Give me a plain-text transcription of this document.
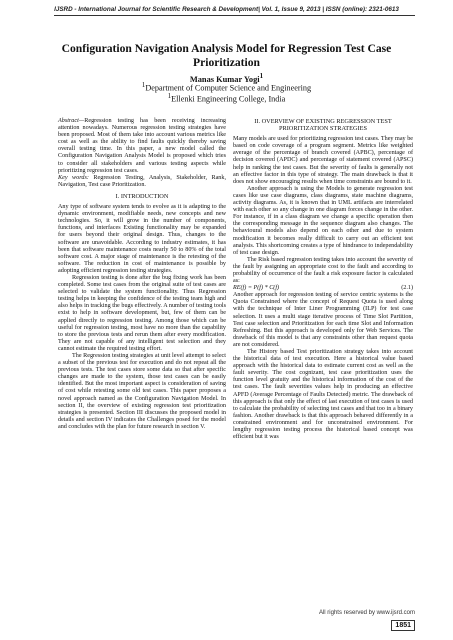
IJSRD - International Journal for Scientific Research & Development| Vol. 1, Issue 9, 2013 | ISSN (online): 2321-0613
Configuration Navigation Analysis Model for Regression Test Case Prioritization
Manas Kumar Yogi$^1$
$^1$Department of Computer Science and Engineering
$^1$Ellenki Engineering College, India

Abstract—Regression testing has been receiving increasing attention nowadays. Numerous regression testing strategies have been proposed. Most of them take into account various metrics like cost as well as the ability to find faults quickly thereby saving overall testing time. In this paper, a new model called the Configuration Navigation Analysis Model is proposed which tries to consider all stakeholders and various testing aspects while prioritizing regression test cases.

Key words: Regression Testing, Analysis, Stakeholder, Rank, Navigation, Test case Prioritization.

I. INTRODUCTION

Any type of software system tends to evolve as it is adapting to the dynamic environment, modifiable needs, new concepts and new technologies. So, it will grow in the number of components, functions, and interfaces Existing functionality may be expanded for users beyond their original design. Thus, changes to the software are unavoidable. According to industry estimates, it has been that software maintenance costs nearly 50 to 80% of the total software cost. A major stage of maintenance is the retesting of the software. The reduction in cost of maintenance is possible by adopting efficient regression testing strategies.

Regression testing is done after the bug fixing work has been completed. Some test cases from the original suite of test cases are selected to validate the system functionality. Thus Regression testing helps in keeping the confidence of the testing team high and also helps in tracking the bugs effectively. A number of testing tools exist to help in software development, but, few of them can be applied directly to regression testing. Among those which can be useful for regression testing, most have no more than the capability to store the previous tests and rerun them after every modification. They are not capable of any intelligent test selection and they cannot estimate the required testing effort.

The Regression testing strategies at unit level attempt to select a subset of the previous test for execution and do not repeat all the previous tests. The test cases store some data so that after specific changes are made to the system, those test cases can be easily identified. But the most important aspect is consideration of saving of cost while retesting some old test cases. This paper proposes a novel approach named as the Configuration Navigation Model. In section II, the overview of existing regression test prioritization strategies is presented. Section III discusses the proposed model in details and section IV indicates the Challenges posed for the model and concludes with the plan for future research in section V.

II. OVERVIEW OF EXISTING REGRESSION TEST PRIORITIZATION STRATEGIES

Many models are used for prioritizing regression test cases. They may be based on code coverage of a program segment. Metrics like weighted average of the percentage of branch covered (APBC), percentage of decision covered (APDC) and percentage of statement covered (APSC) help in ranking the test cases. But the severity of faults is generally not an effective factor in this type of strategy. The main drawback is that it does not show encouraging results when time constraints are bound to it.

Another approach is using the Models to generate regression test cases like use case diagrams, class diagrams, state machine diagrams, activity diagrams. As, it is known that in UML artifacts are interrelated with each other so any change in one diagram forces change in the other. For instance, if in a class diagram we change a specific operation then the corresponding message in the sequence diagram also changes. The behavioural models also depend on each other and due to system modification it becomes really difficult to carry out an efficient test analysis. This shortcoming creates a type of hindrance to independability of test case design.

The Risk based regression testing takes into account the severity of the fault by assigning an appropriate cost to the fault and according to probability of occurrence of the fault a risk exposure factor is calculated as:

RE(f) = P(f) * C(f)	(2.1)

Another approach for regression testing of service centric systems is the Quota Constrained where the concept of Request Quota is used along with the technique of Inter Liner Programming (ILP) for test case selection. It uses a multi stage iterative process of Time Slot Partition, Test case selection and Prioritization for each time Slot and Information Refreshing. But this approach is developed only for Web Services. The drawback of this model is that any constraints other than request quota are not considered.

The History based Test prioritization strategy takes into account the historical data of test execution. Here a historical value based approach with the historical data to estimate current cost as well as the fault severity. The cost cognizant, test case prioritization uses the function level gratuity and the historical information of the cost of the test cases. The fault severities values help in producing an effective APFD (Average Percentage of Faults Detected) metric. The drawback of this approach is that only the effect of last execution of test cases is used to calculate the probability of selecting test cases and that too in a binary fashion. Another drawback is that this approach behaved differently in a constrained environment and for unconstrained environment. For lengthy regression testing process the historical based concept was efficient but it was

All rights reserved by www.ijsrd.com
1851
